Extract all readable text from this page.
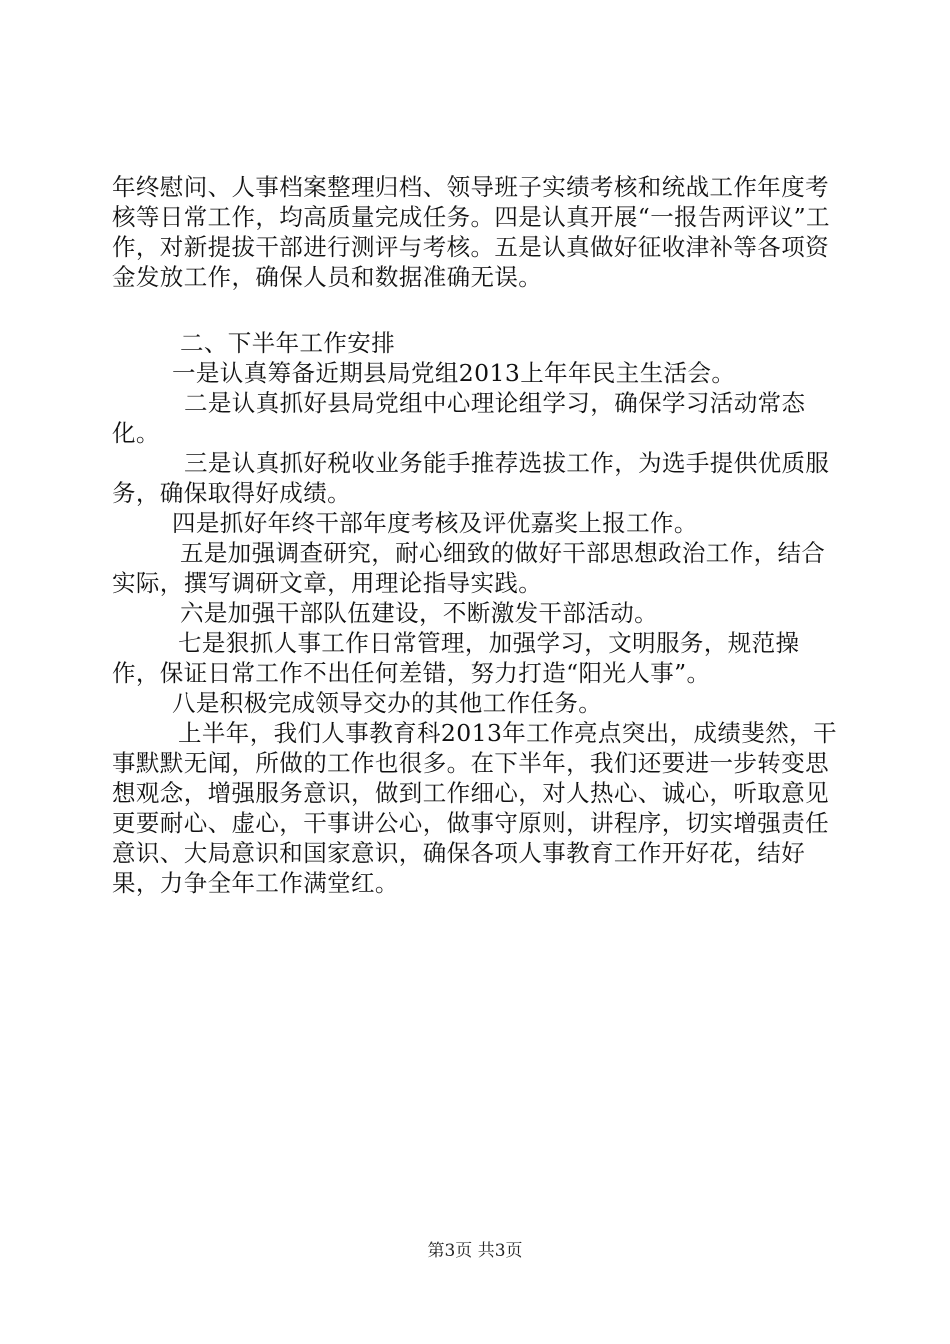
年终慰问、人事档案整理归档、领导班子实绩考核和统战工作年度考核等日常工作，均高质量完成任务。四是认真开展“一报告两评议”工作，对新提拔干部进行测评与考核。五是认真做好征收津补等各项资金发放工作，确保人员和数据准确无误。

二、下半年工作安排

一是认真筹备近期县局党组2013上年年民主生活会。

二是认真抓好县局党组中心理论组学习，确保学习活动常态化。

三是认真抓好税收业务能手推荐选拔工作，为选手提供优质服务，确保取得好成绩。

四是抓好年终干部年度考核及评优嘉奖上报工作。

五是加强调查研究，耐心细致的做好干部思想政治工作，结合实际，撰写调研文章，用理论指导实践。

六是加强干部队伍建设，不断激发干部活动。

七是狠抓人事工作日常管理，加强学习，文明服务，规范操作，保证日常工作不出任何差错，努力打造“阳光人事”。

八是积极完成领导交办的其他工作任务。

上半年，我们人事教育科2013年工作亮点突出，成绩斐然，干事默默无闻，所做的工作也很多。在下半年，我们还要进一步转变思想观念，增强服务意识，做到工作细心，对人热心、诚心，听取意见更要耐心、虚心，干事讲公心，做事守原则，讲程序，切实增强责任意识、大局意识和国家意识，确保各项人事教育工作开好花，结好果，力争全年工作满堂红。

第3页 共3页
